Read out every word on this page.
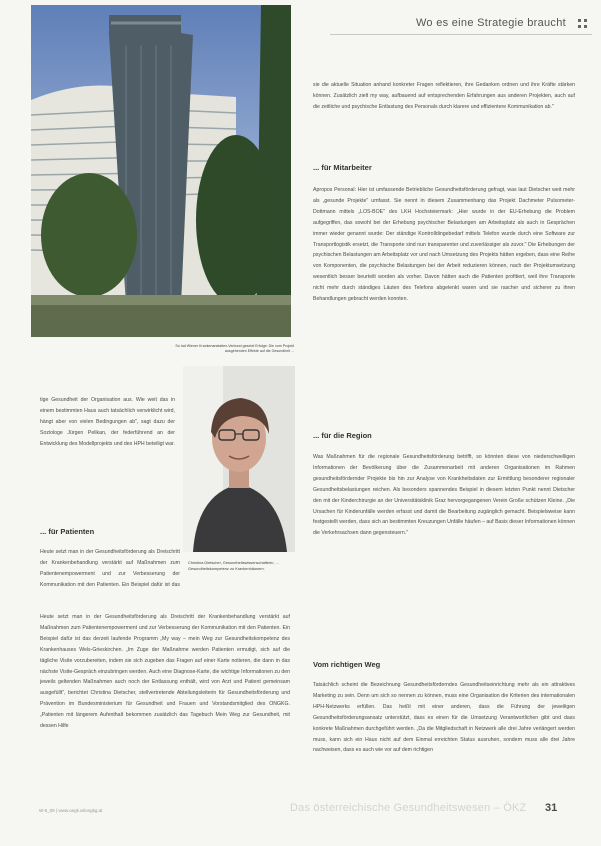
Wo es eine Strategie braucht
So hat Wiener Krankenanstalten-Verbund gesetzt Erfolge: Die vom Projekt ausgehenden Effekte auf die Gesundheit ...
Christina Dietscher, Gesundheitswissenschafterin, ... Gesundheitskompetenz zu Krankenhäusern.
tige Gesundheit der Organisation aus. Wie weit das in einem bestimmten Haus auch tatsächlich verwirklicht wird, hängt aber von vielen Bedingungen ab", sagt dazu der Soziologe Jürgen Pelikan, der federführend an der Entwicklung des Modellprojekts und des HPH beteiligt war.
... für Patienten
Heute setzt man in der Gesundheitsförderung als Dreischritt der Krankenbehandlung verstärkt auf Maßnahmen zum Patientenempowerment und zur Verbesserung der Kommunikation mit den Patienten. Ein Beispiel dafür ist das
Heute setzt man in der Gesundheitsförderung als Dreischritt der Krankenbehandlung verstärkt auf Maßnahmen zum Patientenempowerment und zur Verbesserung der Kommunikation mit den Patienten. Ein Beispiel dafür ist das derzeit laufende Programm „My way – mein Weg zur Gesundheitskompetenz des Krankenhauses Wels-Grieskirchen. „Im Zuge der Maßnahme werden Patienten ermutigt, sich auf die tägliche Visite vorzubereiten, indem sie sich zugeben das Fragen auf einer Karte notieren, die dann in das nächste Visite-Gespräch einzubringen werden. Auch eine Diagnose-Karte, die wichtige Informationen zu den jeweils geltenden Maßnahmen auch noch der Entlassung enthält, wird von Arzt und Patient gemeinsam ausgefüllt", berichtet Christina Dietscher, stellvertretende Abteilungsleiterin für Gesundheitsförderung und Prävention im Bundesministerium für Gesundheit und Frauen und Vorstandsmitglied des ONGKG. „Patienten mit längerem Aufenthalt bekommen zusätzlich das Tagebuch Mein Weg zur Gesundheit, mit dessen Hilfe
sie die aktuelle Situation anhand konkreter Fragen reflektieren, ihre Gedanken ordnen und ihre Kräfte stärken können. Zusätzlich zielt my way, aufbauend auf entsprechenden Erfahrungen aus anderen Projekten, auch auf die zeitliche und psychische Entlastung des Personals durch klarere und effizientere Kommunikation ab."
... für Mitarbeiter
Apropos Personal: Hier ist umfassende Betriebliche Gesundheitsförderung gefragt, was laut Dietscher weit mehr als „gesunde Projekte" umfasst. Sie nennt in diesem Zusammenhang das Projekt Dachmeter Pulsometer-Dottmann mittels „LOS-BOE" des LKH Hochsteiermark: „Hier wurde in der EU-Erhebung die Problem aufgegriffen, das sowohl bei der Erhebung psychischer Belastungen am Arbeitsplatz als auch in Gesprächen immer wieder genannt wurde: Der ständige Kontrolldingebedarf mittels Telefon wurde durch eine Software zur Transportlogistik ersetzt, die Transporte sind nun transparenter und zuverlässiger als zuvor." Die Erhebungen der psychischen Belastungen am Arbeitsplatz vor und nach Umsetzung des Projekts hätten ergeben, dass eine Reihe von Komponenten, die psychische Belastungen bei der Arbeit reduzieren können, nach der Projektumsetzung wesentlich besser beurteilt worden als vorher. Davon hätten auch die Patienten profitiert, weil ihre Transporte nicht mehr durch ständiges Läuten des Telefons abgelenkt waren und sie rascher und sicherer zu ihren Behandlungen gebracht werden konnten.
... für die Region
Was Maßnahmen für die regionale Gesundheitsförderung betrifft, so könnten diese von niederschwelligen Informationen der Bevölkerung über die Zusammenarbeit mit anderen Organisationen im Rahmen gesundheitsfördernder Projekte bis hin zur Analyse von Krankheitsdaten zur Ermittlung besonderer regionaler Gesundheitsbelastungen reichen. Als besonders spannendes Beispiel in diesem letzten Punkt nennt Dietscher den mit der Kinderchirurgie an der Universitätsklinik Graz hervorgegangenen Verein Große schützen Kleine. „Die Ursachen für Kinderunfälle werden erfasst und damit die Bearbeitung zugänglich gemacht. Beispielsweise kann festgestellt werden, dass sich an bestimmten Kreuzungen Unfälle häufen – auf Basis dieser Informationen können die Verkehrsachsen dann gegensteuern."
Vom richtigen Weg
Tatsächlich scheint die Bezeichnung Gesundheitsförderndes Gesundheitseinrichtung mehr als ein attraktives Marketing zu sein. Denn um sich so nennen zu können, muss eine Organisation die Kriterien des internationalen HPH-Netzwerks erfüllen. Das heißt mit einer anderen, dass die Führung der jeweiligen Gesundheitsförderungsansatz unterstützt, dass es einen für die Umsetzung Verantwortlichen gibt und dass konkrete Maßnahmen durchgeführt werden. „Da die Mitgliedschaft in Netzwerk alle drei Jahre verlängert werden muss, kann sich ein Haus nicht auf dem Einmal erreichten Status ausruhen, sondern muss alle drei Jahre nachweisen, dass es auch wie vor auf dem richtigen
W-5_09 | www.oegk.at/ongkg.at	Das österreichische Gesundheitswesen – ÖKZ 31
